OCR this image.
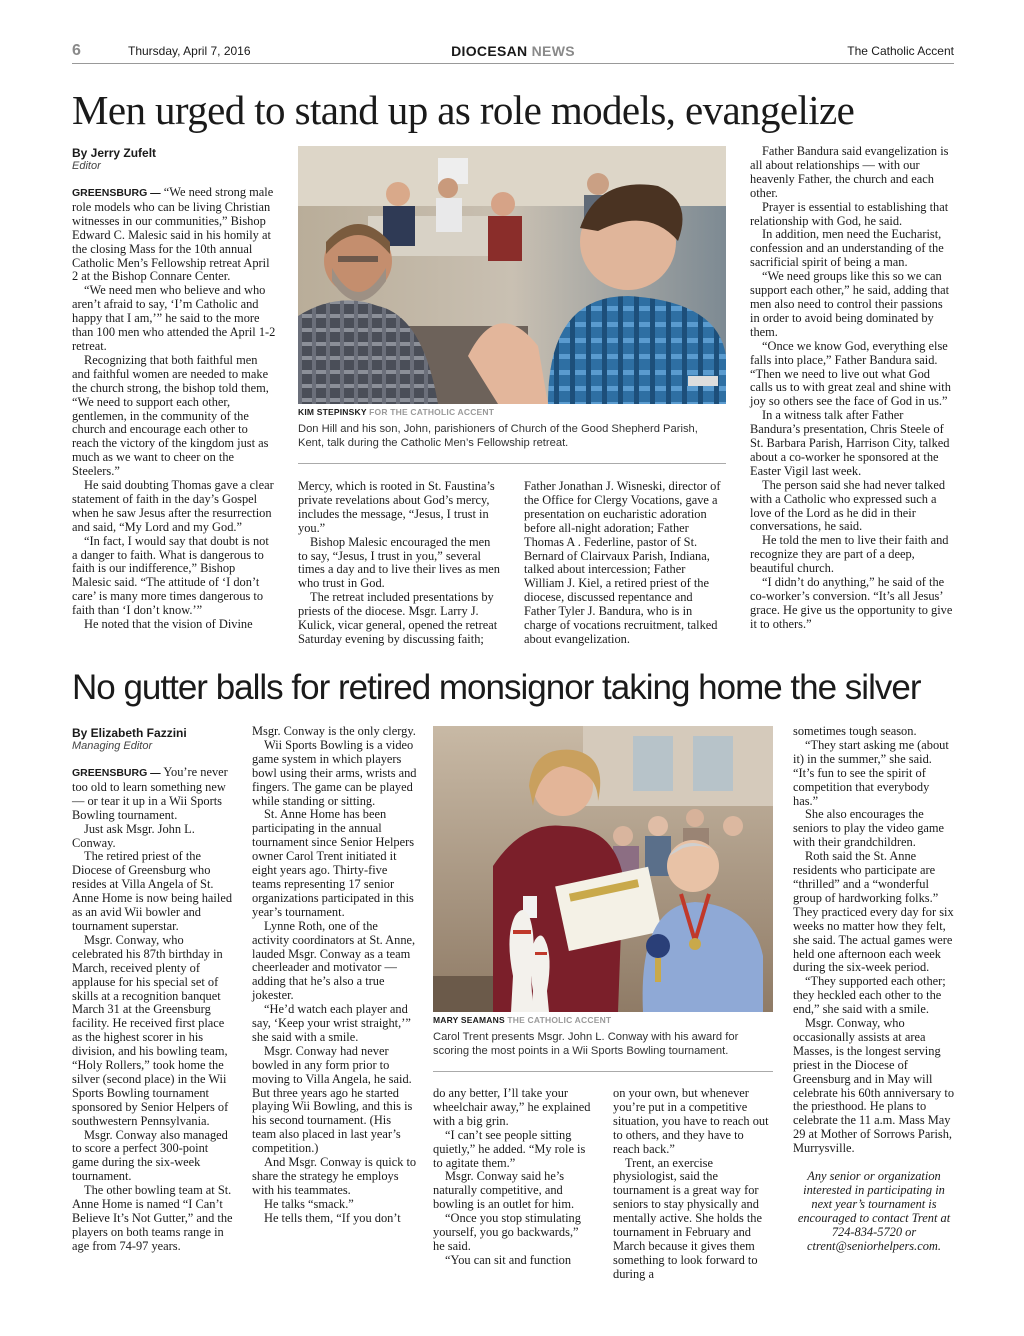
6	Thursday, April 7, 2016	DIOCESAN NEWS	The Catholic Accent
Men urged to stand up as role models, evangelize
By Jerry Zufelt
Editor

GREENSBURG — “We need strong male role models who can be living Christian witnesses in our communities,” Bishop Edward C. Malesic said in his homily at the closing Mass for the 10th annual Catholic Men’s Fellowship retreat April 2 at the Bishop Connare Center.

“We need men who believe and who aren’t afraid to say, ‘I’m Catholic and happy that I am,’” he said to the more than 100 men who attended the April 1-2 retreat.

Recognizing that both faithful men and faithful women are needed to make the church strong, the bishop told them, “We need to support each other, gentlemen, in the community of the church and encourage each other to reach the victory of the kingdom just as much as we want to cheer on the Steelers.”

He said doubting Thomas gave a clear statement of faith in the day’s Gospel when he saw Jesus after the resurrection and said, “My Lord and my God.”

“In fact, I would say that doubt is not a danger to faith. What is dangerous to faith is our indifference,” Bishop Malesic said. “The attitude of ‘I don’t care’ is many more times dangerous to faith than ‘I don’t know.’”

He noted that the vision of Divine

KIM STEPINSKY FOR THE CATHOLIC ACCENT
Don Hill and his son, John, parishioners of Church of the Good Shepherd Parish, Kent, talk during the Catholic Men’s Fellowship retreat.

Mercy, which is rooted in St. Faustina’s private revelations about God’s mercy, includes the message, “Jesus, I trust in you.”

Bishop Malesic encouraged the men to say, “Jesus, I trust in you,” several times a day and to live their lives as men who trust in God.

The retreat included presentations by priests of the diocese. Msgr. Larry J. Kulick, vicar general, opened the retreat Saturday evening by discussing faith;

Father Jonathan J. Wisneski, director of the Office for Clergy Vocations, gave a presentation on eucharistic adoration before all-night adoration; Father Thomas A . Federline, pastor of St. Bernard of Clairvaux Parish, Indiana, talked about intercession; Father William J. Kiel, a retired priest of the diocese, discussed repentance and Father Tyler J. Bandura, who is in charge of vocations recruitment, talked about evangelization.

Father Bandura said evangelization is all about relationships — with our heavenly Father, the church and each other.

Prayer is essential to establishing that relationship with God, he said.

In addition, men need the Eucharist, confession and an understanding of the sacrificial spirit of being a man.

“We need groups like this so we can support each other,” he said, adding that men also need to control their passions in order to avoid being dominated by them.

“Once we know God, everything else falls into place,” Father Bandura said. “Then we need to live out what God calls us to with great zeal and shine with joy so others see the face of God in us.”

In a witness talk after Father Bandura’s presentation, Chris Steele of St. Barbara Parish, Harrison City, talked about a co-worker he sponsored at the Easter Vigil last week.

The person said she had never talked with a Catholic who expressed such a love of the Lord as he did in their conversations, he said.

He told the men to live their faith and recognize they are part of a deep, beautiful church.

“I didn’t do anything,” he said of the co-worker’s conversion. “It’s all Jesus’ grace. He give us the opportunity to give it to others.”

No gutter balls for retired monsignor taking home the silver
By Elizabeth Fazzini
Managing Editor

GREENSBURG — You’re never too old to learn something new — or tear it up in a Wii Sports Bowling tournament.

Just ask Msgr. John L. Conway.

The retired priest of the Diocese of Greensburg who resides at Villa Angela of St. Anne Home is now being hailed as an avid Wii bowler and tournament superstar.

Msgr. Conway, who celebrated his 87th birthday in March, received plenty of applause for his special set of skills at a recognition banquet March 31 at the Greensburg facility. He received first place as the highest scorer in his division, and his bowling team, “Holy Rollers,” took home the silver (second place) in the Wii Sports Bowling tournament sponsored by Senior Helpers of southwestern Pennsylvania.

Msgr. Conway also managed to score a perfect 300-point game during the six-week tournament.

The other bowling team at St. Anne Home is named “I Can’t Believe It’s Not Gutter,” and the players on both teams range in age from 74-97 years.

Msgr. Conway is the only clergy.

Wii Sports Bowling is a video game system in which players bowl using their arms, wrists and fingers. The game can be played while standing or sitting.

St. Anne Home has been participating in the annual tournament since Senior Helpers owner Carol Trent initiated it eight years ago. Thirty-five teams representing 17 senior organizations participated in this year’s tournament.

Lynne Roth, one of the activity coordinators at St. Anne, lauded Msgr. Conway as a team cheerleader and motivator — adding that he’s also a true jokester.

“He’d watch each player and say, ‘Keep your wrist straight,’” she said with a smile.

Msgr. Conway had never bowled in any form prior to moving to Villa Angela, he said. But three years ago he started playing Wii Bowling, and this is his second tournament. (His team also placed in last year’s competition.)

And Msgr. Conway is quick to share the strategy he employs with his teammates.

He talks “smack.”

He tells them, “If you don’t

MARY SEAMANS THE CATHOLIC ACCENT
Carol Trent presents Msgr. John L. Conway with his award for scoring the most points in a Wii Sports Bowling tournament.

do any better, I’ll take your wheelchair away,” he explained with a big grin.

“I can’t see people sitting quietly,” he added. “My role is to agitate them.”

Msgr. Conway said he’s naturally competitive, and bowling is an outlet for him.

“Once you stop stimulating yourself, you go backwards,” he said.

“You can sit and function

on your own, but whenever you’re put in a competitive situation, you have to reach out to others, and they have to reach back.”

Trent, an exercise physiologist, said the tournament is a great way for seniors to stay physically and mentally active. She holds the tournament in February and March because it gives them something to look forward to during a

sometimes tough season.

“They start asking me (about it) in the summer,” she said. “It’s fun to see the spirit of competition that everybody has.”

She also encourages the seniors to play the video game with their grandchildren.

Roth said the St. Anne residents who participate are “thrilled” and a “wonderful group of hardworking folks.” They practiced every day for six weeks no matter how they felt, she said. The actual games were held one afternoon each week during the six-week period.

“They supported each other; they heckled each other to the end,” she said with a smile.

Msgr. Conway, who occasionally assists at area Masses, is the longest serving priest in the Diocese of Greensburg and in May will celebrate his 60th anniversary to the priesthood. He plans to celebrate the 11 a.m. Mass May 29 at Mother of Sorrows Parish, Murrysville.

Any senior or organization interested in participating in next year’s tournament is encouraged to contact Trent at 724-834-5720 or ctrent@seniorhelpers.com.
